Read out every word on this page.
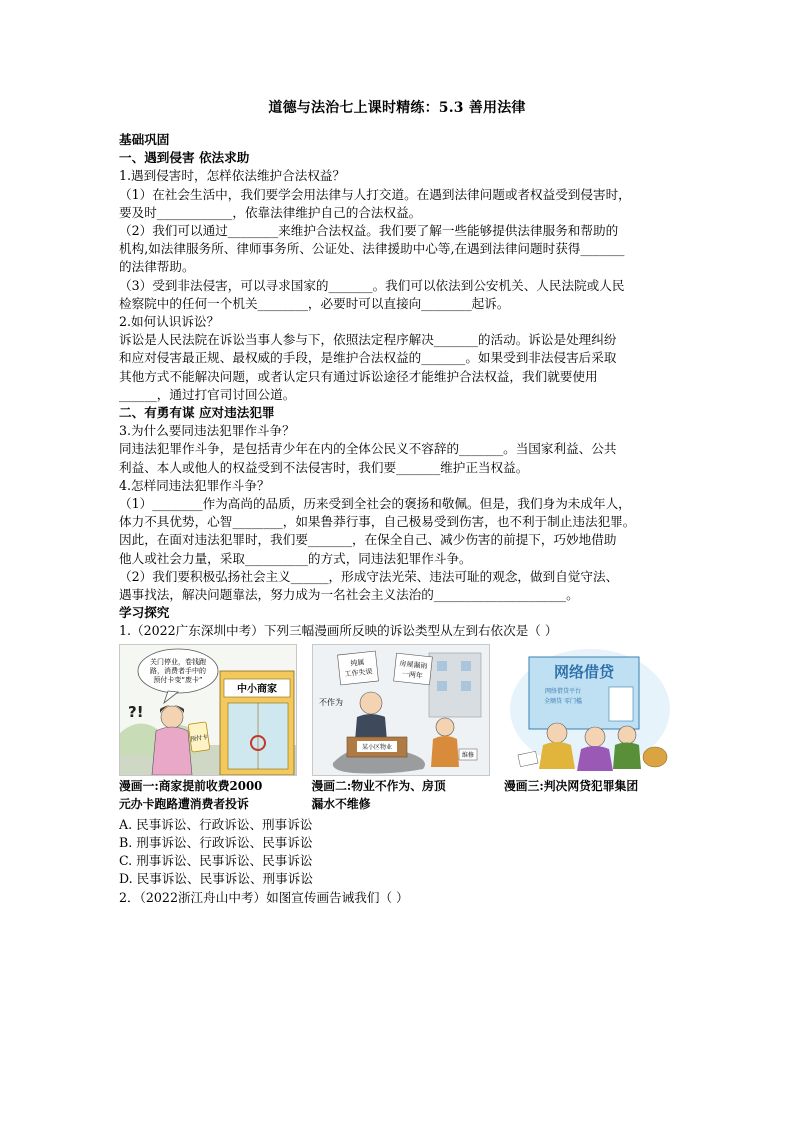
道德与法治七上课时精练：5.3 善用法律
基础巩固
一、遇到侵害 依法求助
1.遇到侵害时，怎样依法维护合法权益？
（1）在社会生活中，我们要学会用法律与人打交道。在遇到法律问题或者权益受到侵害时，
要及时____________，依靠法律维护自己的合法权益。
（2）我们可以通过________来维护合法权益。我们要了解一些能够提供法律服务和帮助的
机构,如法律服务所、律师事务所、公证处、法律援助中心等,在遇到法律问题时获得_______
的法律帮助。
（3）受到非法侵害，可以寻求国家的_______。我们可以依法到公安机关、人民法院或人民
检察院中的任何一个机关________，必要时可以直接向________起诉。
2.如何认识诉讼？
诉讼是人民法院在诉讼当事人参与下，依照法定程序解决_______的活动。诉讼是处理纠纷
和应对侵害最正规、最权威的手段，是维护合法权益的_______。如果受到非法侵害后采取
其他方式不能解决问题，或者认定只有通过诉讼途径才能维护合法权益，我们就要使用
______，通过打官司讨回公道。
二、有勇有谋 应对违法犯罪
3.为什么要同违法犯罪作斗争？
同违法犯罪作斗争，是包括青少年在内的全体公民义不容辞的_______。当国家利益、公共
利益、本人或他人的权益受到不法侵害时，我们要_______维护正当权益。
4.怎样同违法犯罪作斗争？
（1）________作为高尚的品质，历来受到全社会的褒扬和敬佩。但是，我们身为未成年人，
体力不具优势，心智________，如果鲁莽行事，自己极易受到伤害，也不利于制止违法犯罪。
因此，在面对违法犯罪时，我们要_______，在保全自己、减少伤害的前提下，巧妙地借助
他人或社会力量，采取__________的方式，同违法犯罪作斗争。
（2）我们要积极弘扬社会主义______，形成守法光荣、违法可耻的观念，做到自觉守法、
遇事找法，解决问题靠法，努力成为一名社会主义法治的_____________________。
学习探究
1.（2022广东深圳中考）下列三幅漫画所反映的诉讼类型从左到右依次是（ ）
关门停业，卷钱跑
路，消费者手中的
预付卡变“废卡”
?!
中小商家
预付卡
漫画一:商家提前收费2000
元办卡跑路遭消费者投诉
纯属
工作失误
房屋漏雨
一两年
不作为
某小区物业
维修
漫画二:物业不作为、房顶
漏水不维修
网络借贷
网络借贷平台
全额贷 零门槛
漫画三:判决网贷犯罪集团
A. 民事诉讼、行政诉讼、刑事诉讼
B. 刑事诉讼、行政诉讼、民事诉讼
C. 刑事诉讼、民事诉讼、民事诉讼
D. 民事诉讼、民事诉讼、刑事诉讼
2．（2022浙江舟山中考）如图宣传画告诫我们（ ）
